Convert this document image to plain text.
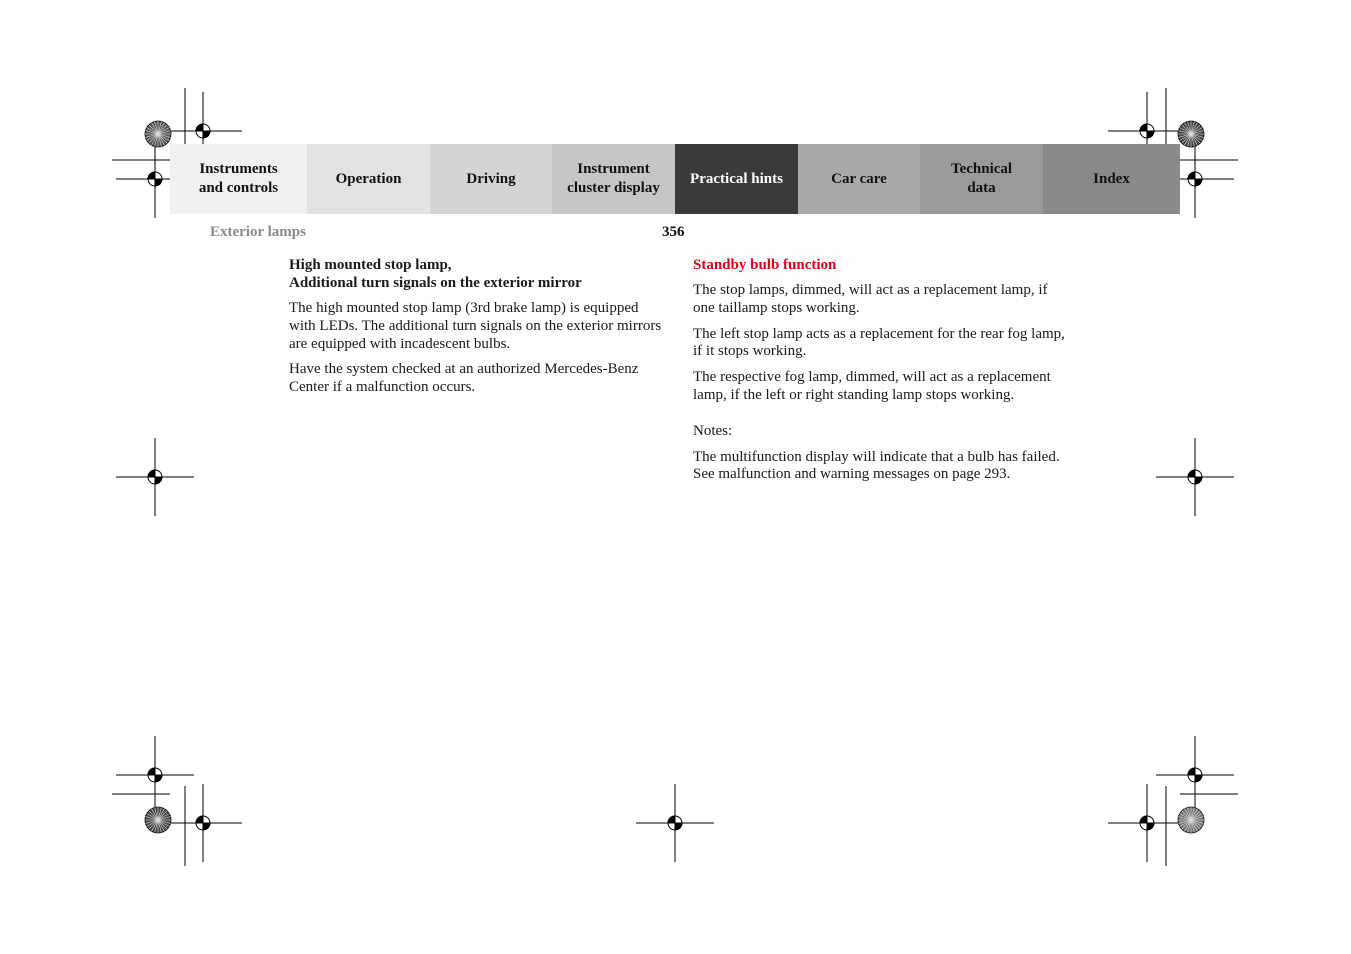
Instruments
and controls
Operation	Driving
Instrument
cluster display
Practical hints	Car care
Technical
data
Index
Exterior lamps	356
High mounted stop lamp,
Additional turn signals on the exterior mirror

The high mounted stop lamp (3rd brake lamp) is equipped with LEDs. The additional turn signals on the exterior mirrors are equipped with incadescent bulbs.

Have the system checked at an authorized Mercedes-Benz Center if a malfunction occurs.

Standby bulb function

The stop lamps, dimmed, will act as a replacement lamp, if one taillamp stops working.

The left stop lamp acts as a replacement for the rear fog lamp, if it stops working.

The respective fog lamp, dimmed, will act as a replacement lamp, if the left or right standing lamp stops working.

Notes:

The multifunction display will indicate that a bulb has failed. See malfunction and warning messages on page 293.
